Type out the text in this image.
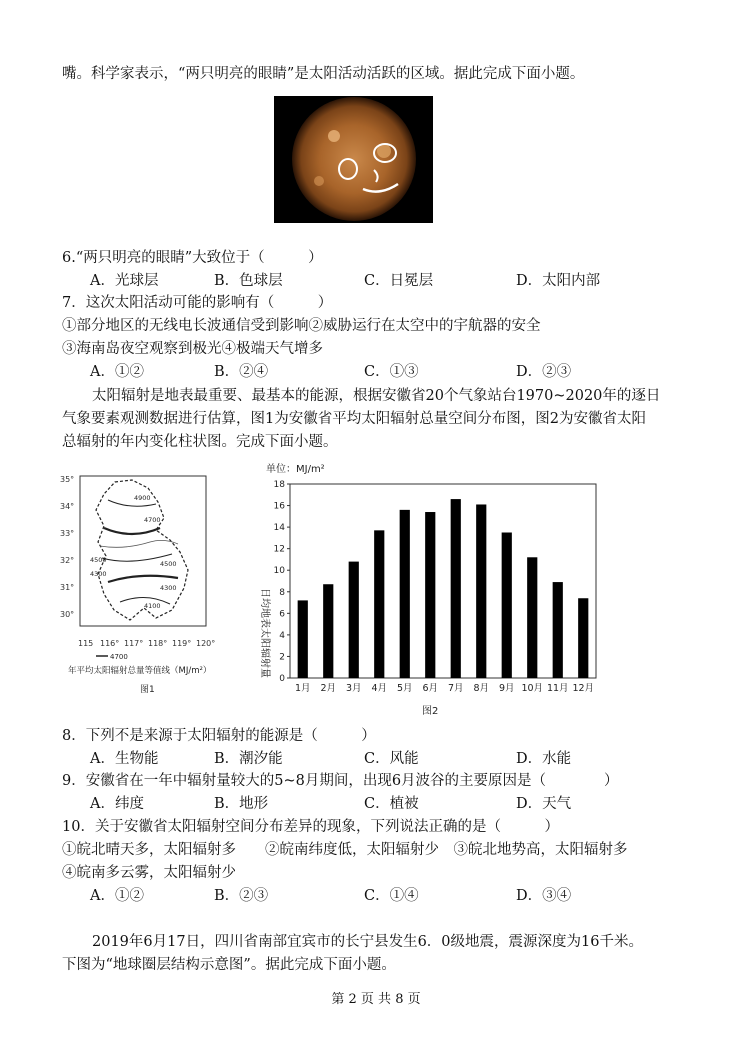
嘴。科学家表示，“两只明亮的眼睛”是太阳活动活跃的区域。据此完成下面小题。
6.“两只明亮的眼睛”大致位于（　　　）
A．光球层	B．色球层	C．日冕层	D．太阳内部
7．这次太阳活动可能的影响有（　　　）
①部分地区的无线电长波通信受到影响②威胁运行在太空中的宇航器的安全
③海南岛夜空观察到极光④极端天气增多
A．①②	B．②④	C．①③	D．②③
太阳辐射是地表最重要、最基本的能源，根据安徽省20个气象站台1970~2020年的逐日
气象要素观测数据进行估算，图1为安徽省平均太阳辐射总量空间分布图，图2为安徽省太阳
总辐射的年内变化柱状图。完成下面小题。
35°
34°
33°
32°
31°
30°
115 116° 117° 118° 119° 120°
4900
4700
4500
4300
4500
4300
4100
4700
年平均太阳辐射总量等值线（MJ/m²）
图1
单位：MJ/m²
日均地表太阳辐射量
0
2
4
6
8
10
12
14
16
18
1月 2月 3月 4月 5月 6月 7月 8月 9月 10月 11月 12月
图2
8．下列不是来源于太阳辐射的能源是（　　　）
A．生物能	B．潮汐能	C．风能	D．水能
9．安徽省在一年中辐射量较大的5~8月期间，出现6月波谷的主要原因是（　　　　）
A．纬度	B．地形	C．植被	D．天气
10．关于安徽省太阳辐射空间分布差异的现象，下列说法正确的是（　　　）
①皖北晴天多，太阳辐射多　　②皖南纬度低，太阳辐射少　③皖北地势高，太阳辐射多
④皖南多云雾，太阳辐射少
A．①②	B．②③	C．①④	D．③④
2019年6月17日，四川省南部宜宾市的长宁县发生6．0级地震，震源深度为16千米。
下图为“地球圈层结构示意图”。据此完成下面小题。
第 2 页 共 8 页
